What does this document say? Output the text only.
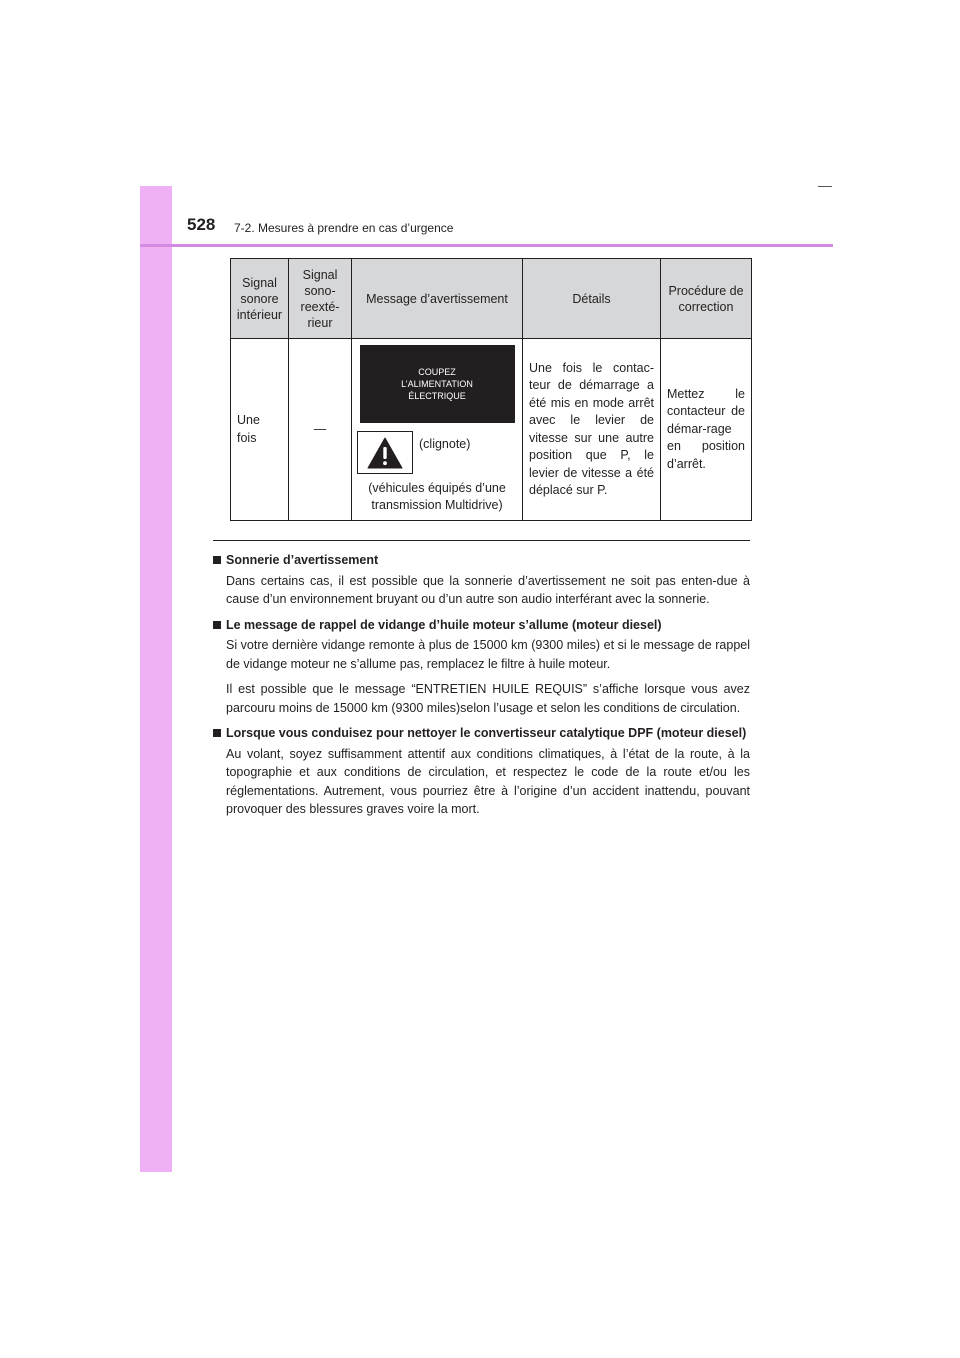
528 7-2. Mesures à prendre en cas d’urgence
Signal sonore intérieur	Signal sono-reexté-rieur	Message d’avertissement	Détails	Procédure de correction
Une fois	—	COUPEZ
L’ALIMENTATION
ÉLECTRIQUE
(clignote)
(véhicules équipés d’une transmission Multidrive)	Une fois le contac-teur de démarrage a été mis en mode arrêt avec le levier de vitesse sur une autre position que P, le levier de vitesse a été déplacé sur P.	Mettez le contacteur de démar-rage en position d’arrêt.

Sonnerie d’avertissement

Dans certains cas, il est possible que la sonnerie d’avertissement ne soit pas enten-due à cause d’un environnement bruyant ou d’un autre son audio interférant avec la sonnerie.

Le message de rappel de vidange d’huile moteur s’allume (moteur diesel)

Si votre dernière vidange remonte à plus de 15000 km (9300 miles) et si le message de rappel de vidange moteur ne s’allume pas, remplacez le filtre à huile moteur.

Il est possible que le message “ENTRETIEN HUILE REQUIS” s’affiche lorsque vous avez parcouru moins de 15000 km (9300 miles)selon l’usage et selon les conditions de circulation.

Lorsque vous conduisez pour nettoyer le convertisseur catalytique DPF (moteur diesel)

Au volant, soyez suffisamment attentif aux conditions climatiques, à l’état de la route, à la topographie et aux conditions de circulation, et respectez le code de la route et/ou les réglementations. Autrement, vous pourriez être à l’origine d’un accident inattendu, pouvant provoquer des blessures graves voire la mort.
